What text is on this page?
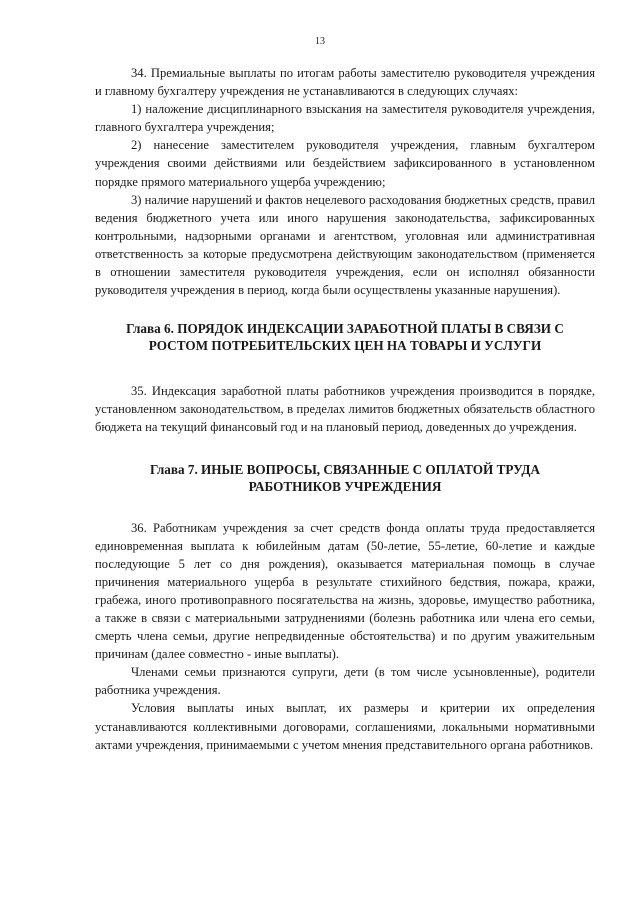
13

34. Премиальные выплаты по итогам работы заместителю руководителя учреждения и главному бухгалтеру учреждения не устанавливаются в следующих случаях:

1) наложение дисциплинарного взыскания на заместителя руководителя учреждения, главного бухгалтера учреждения;

2) нанесение заместителем руководителя учреждения, главным бухгалтером учреждения своими действиями или бездействием зафиксированного в установленном порядке прямого материального ущерба учреждению;

3) наличие нарушений и фактов нецелевого расходования бюджетных средств, правил ведения бюджетного учета или иного нарушения законодательства, зафиксированных контрольными, надзорными органами и агентством, уголовная или административная ответственность за которые предусмотрена действующим законодательством (применяется в отношении заместителя руководителя учреждения, если он исполнял обязанности руководителя учреждения в период, когда были осуществлены указанные нарушения).

Глава 6. ПОРЯДОК ИНДЕКСАЦИИ ЗАРАБОТНОЙ ПЛАТЫ В СВЯЗИ С РОСТОМ ПОТРЕБИТЕЛЬСКИХ ЦЕН НА ТОВАРЫ И УСЛУГИ

35. Индексация заработной платы работников учреждения производится в порядке, установленном законодательством, в пределах лимитов бюджетных обязательств областного бюджета на текущий финансовый год и на плановый период, доведенных до учреждения.

Глава 7. ИНЫЕ ВОПРОСЫ, СВЯЗАННЫЕ С ОПЛАТОЙ ТРУДА РАБОТНИКОВ УЧРЕЖДЕНИЯ

36. Работникам учреждения за счет средств фонда оплаты труда предоставляется единовременная выплата к юбилейным датам (50-летие, 55-летие, 60-летие и каждые последующие 5 лет со дня рождения), оказывается материальная помощь в случае причинения материального ущерба в результате стихийного бедствия, пожара, кражи, грабежа, иного противоправного посягательства на жизнь, здоровье, имущество работника, а также в связи с материальными затруднениями (болезнь работника или члена его семьи, смерть члена семьи, другие непредвиденные обстоятельства) и по другим уважительным причинам (далее совместно - иные выплаты).

Членами семьи признаются супруги, дети (в том числе усыновленные), родители работника учреждения.

Условия выплаты иных выплат, их размеры и критерии их определения устанавливаются коллективными договорами, соглашениями, локальными нормативными актами учреждения, принимаемыми с учетом мнения представительного органа работников.
